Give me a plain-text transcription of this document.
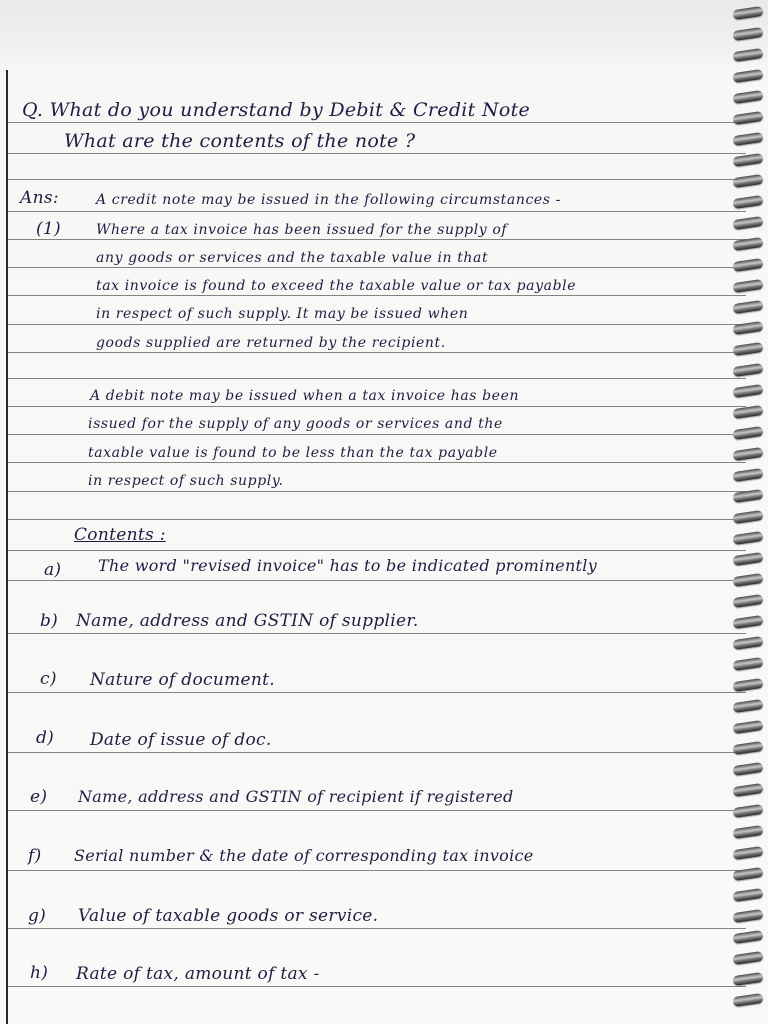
Q. What do you understand by Debit & Credit Note
What are the contents of the note ?
Ans:	A credit note may be issued in the following circumstances -
(1)	Where a tax invoice has been issued for the supply of
any goods or services and the taxable value in that
tax invoice is found to exceed the taxable value or tax payable
in respect of such supply. It may be issued when
goods supplied are returned by the recipient.
A debit note may be issued when a tax invoice has been
issued for the supply of any goods or services and the
taxable value is found to be less than the tax payable
in respect of such supply.
Contents :
a) The word "revised invoice" has to be indicated prominently
b) Name, address and GSTIN of supplier.
c) Nature of document.
d) Date of issue of doc.
e) Name, address and GSTIN of recipient if registered
f) Serial number & the date of corresponding tax invoice
g) Value of taxable goods or service.
h) Rate of tax, amount of tax -
